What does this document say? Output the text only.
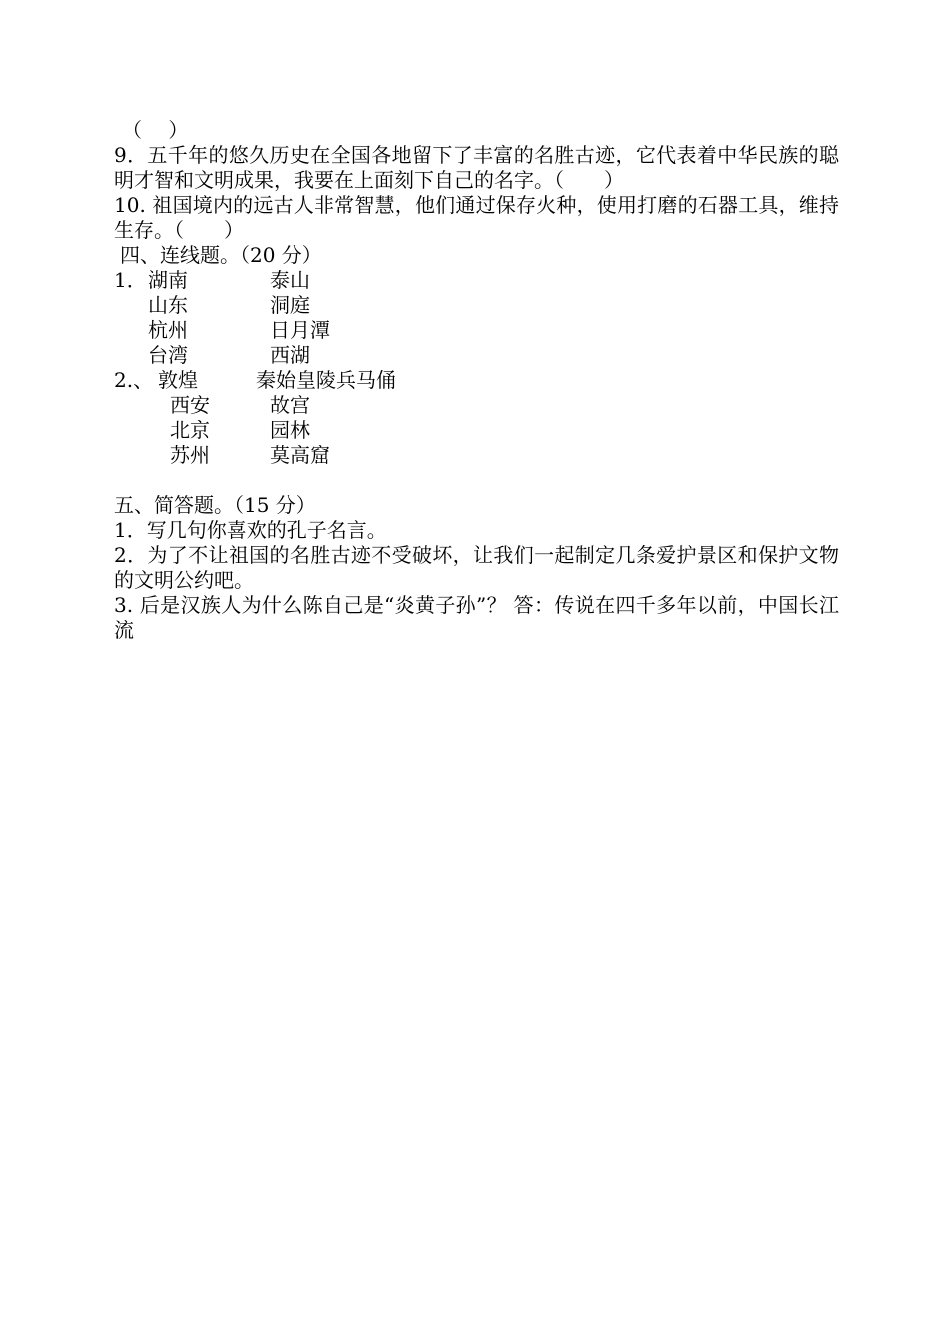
（　 ）
9．五千年的悠久历史在全国各地留下了丰富的名胜古迹，它代表着中华民族的聪明才智和文明成果，我要在上面刻下自己的名字。（　　）
10. 祖国境内的远古人非常智慧，他们通过保存火种，使用打磨的石器工具，维持生存。（　　）
四、连线题。（20 分）
1． 湖南	泰山
山东	洞庭
杭州	日月潭
台湾	西湖
2.、 敦煌	秦始皇陵兵马俑
西安	故宫
北京	园林
苏州	莫高窟
五、简答题。（15 分）
1．写几句你喜欢的孔子名言。
2．为了不让祖国的名胜古迹不受破坏，让我们一起制定几条爱护景区和保护文物的文明公约吧。
3. 后是汉族人为什么陈自己是“炎黄子孙”？ 答：传说在四千多年以前，中国长江流
